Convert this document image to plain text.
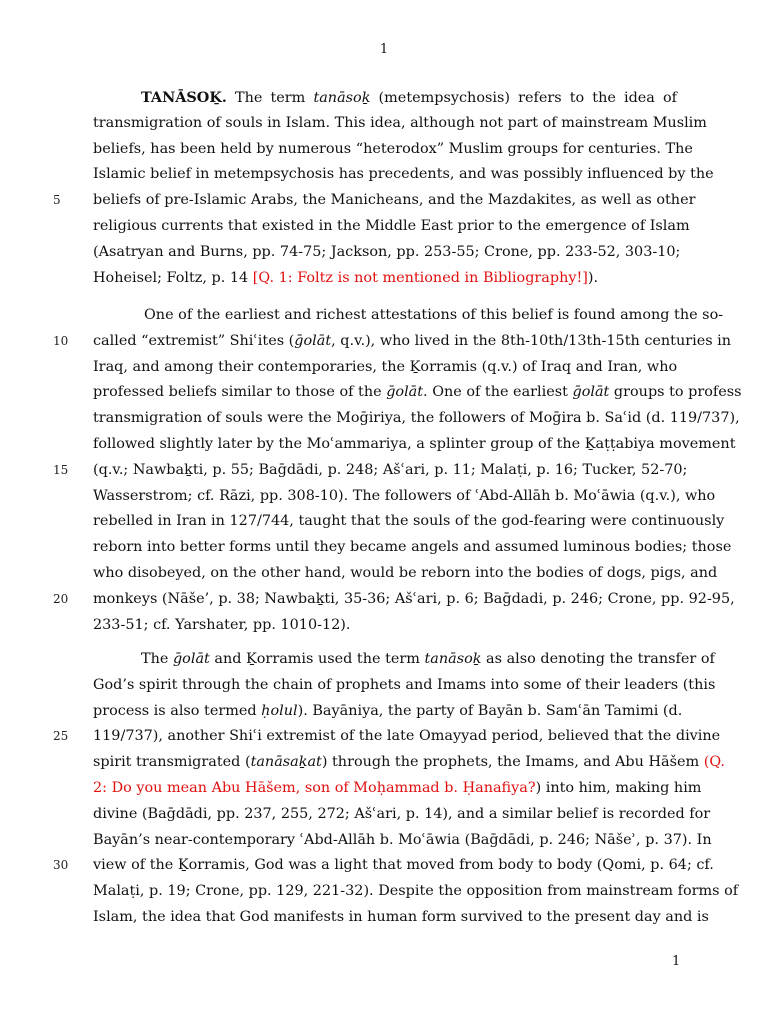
1
TANĀSOḴ. The term tanāsoḵ (metempsychosis) refers to the idea of
transmigration of souls in Islam. This idea, although not part of mainstream Muslim
beliefs, has been held by numerous “heterodox” Muslim groups for centuries. The
Islamic belief in metempsychosis has precedents, and was possibly influenced by the
5	beliefs of pre-Islamic Arabs, the Manicheans, and the Mazdakites, as well as other
religious currents that existed in the Middle East prior to the emergence of Islam
(Asatryan and Burns, pp. 74-75; Jackson, pp. 253-55; Crone, pp. 233-52, 303-10;
Hoheisel; Foltz, p. 14 [Q. 1: Foltz is not mentioned in Bibliography!]).
One of the earliest and richest attestations of this belief is found among the so-
10	called “extremist” Shiʿites (ḡolāt, q.v.), who lived in the 8th-10th/13th-15th centuries in
Iraq, and among their contemporaries, the Ḵorramis (q.v.) of Iraq and Iran, who
professed beliefs similar to those of the ḡolāt. One of the earliest ḡolāt groups to profess
transmigration of souls were the Moḡiriya, the followers of Moḡira b. Saʿid (d. 119/737),
followed slightly later by the Moʿammariya, a splinter group of the Ḵaṭṭabiya movement
15	(q.v.; Nawbaḵti, p. 55; Baḡdādi, p. 248; Ašʿari, p. 11; Malaṭi, p. 16; Tucker, 52-70;
Wasserstrom; cf. Rāzi, pp. 308-10). The followers of ʿAbd-Allāh b. Moʿāwia (q.v.), who
rebelled in Iran in 127/744, taught that the souls of the god-fearing were continuously
reborn into better forms until they became angels and assumed luminous bodies; those
who disobeyed, on the other hand, would be reborn into the bodies of dogs, pigs, and
20	monkeys (Nāše’, p. 38; Nawbaḵti, 35-36; Ašʿari, p. 6; Baḡdadi, p. 246; Crone, pp. 92-95,
233-51; cf. Yarshater, pp. 1010-12).
The ḡolāt and Ḵorramis used the term tanāsoḵ as also denoting the transfer of
God’s spirit through the chain of prophets and Imams into some of their leaders (this
process is also termed ḥolul). Bayāniya, the party of Bayān b. Samʿān Tamimi (d.
25	119/737), another Shiʿi extremist of the late Omayyad period, believed that the divine
spirit transmigrated (tanāsaḵat) through the prophets, the Imams, and Abu Hāšem (Q.
2: Do you mean Abu Hāšem, son of Moḥammad b. Ḥanafiya?) into him, making him
divine (Baḡdādi, pp. 237, 255, 272; Ašʿari, p. 14), and a similar belief is recorded for
Bayān’s near-contemporary ʿAbd-Allāh b. Moʿāwia (Baḡdādi, p. 246; Nāšeʾ, p. 37). In
30	view of the Ḵorramis, God was a light that moved from body to body (Qomi, p. 64; cf.
Malaṭi, p. 19; Crone, pp. 129, 221-32). Despite the opposition from mainstream forms of
Islam, the idea that God manifests in human form survived to the present day and is
1
